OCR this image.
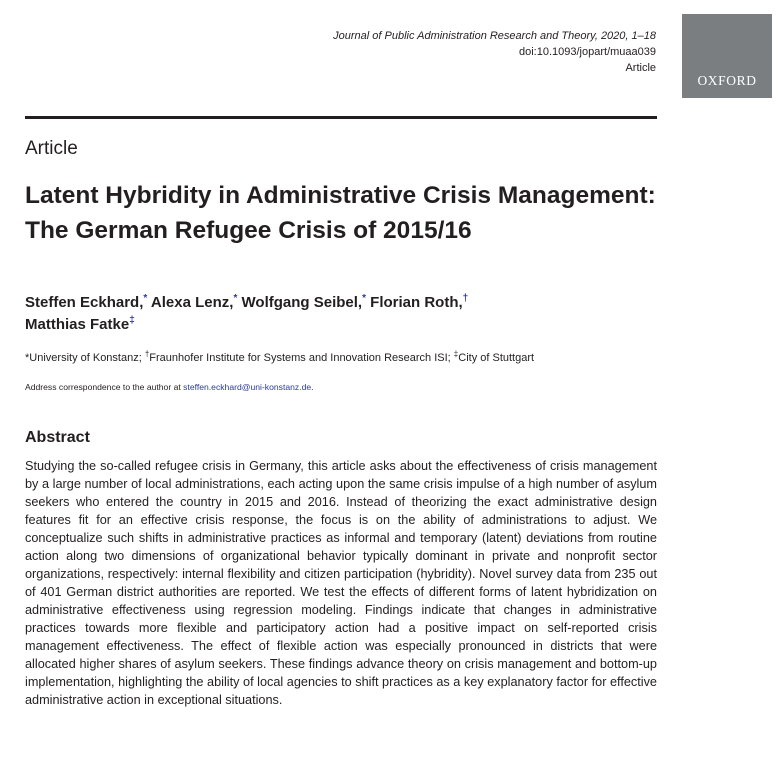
Journal of Public Administration Research and Theory, 2020, 1–18
doi:10.1093/jopart/muaa039
Article
OXFORD
Article
Latent Hybridity in Administrative Crisis Management: The German Refugee Crisis of 2015/16
Steffen Eckhard,* Alexa Lenz,* Wolfgang Seibel,* Florian Roth,†
Matthias Fatke‡
*University of Konstanz; †Fraunhofer Institute for Systems and Innovation Research ISI; ‡City of Stuttgart
Address correspondence to the author at steffen.eckhard@uni-konstanz.de.
Abstract
Studying the so-called refugee crisis in Germany, this article asks about the effectiveness of crisis management by a large number of local administrations, each acting upon the same crisis impulse of a high number of asylum seekers who entered the country in 2015 and 2016. Instead of theorizing the exact administrative design features fit for an effective crisis response, the focus is on the ability of administrations to adjust. We conceptualize such shifts in administrative practices as informal and temporary (latent) deviations from routine action along two dimensions of organizational behavior typically dominant in private and nonprofit sector organizations, respectively: internal flexibility and citizen participation (hybridity). Novel survey data from 235 out of 401 German district authorities are reported. We test the effects of different forms of latent hybridization on administrative effectiveness using regression modeling. Findings indicate that changes in administrative practices towards more flexible and participatory action had a positive impact on self-reported crisis management effectiveness. The effect of flexible action was especially pronounced in districts that were allocated higher shares of asylum seekers. These findings advance theory on crisis management and bottom-up implementation, highlighting the ability of local agencies to shift practices as a key explanatory factor for effective administrative action in exceptional situations.
